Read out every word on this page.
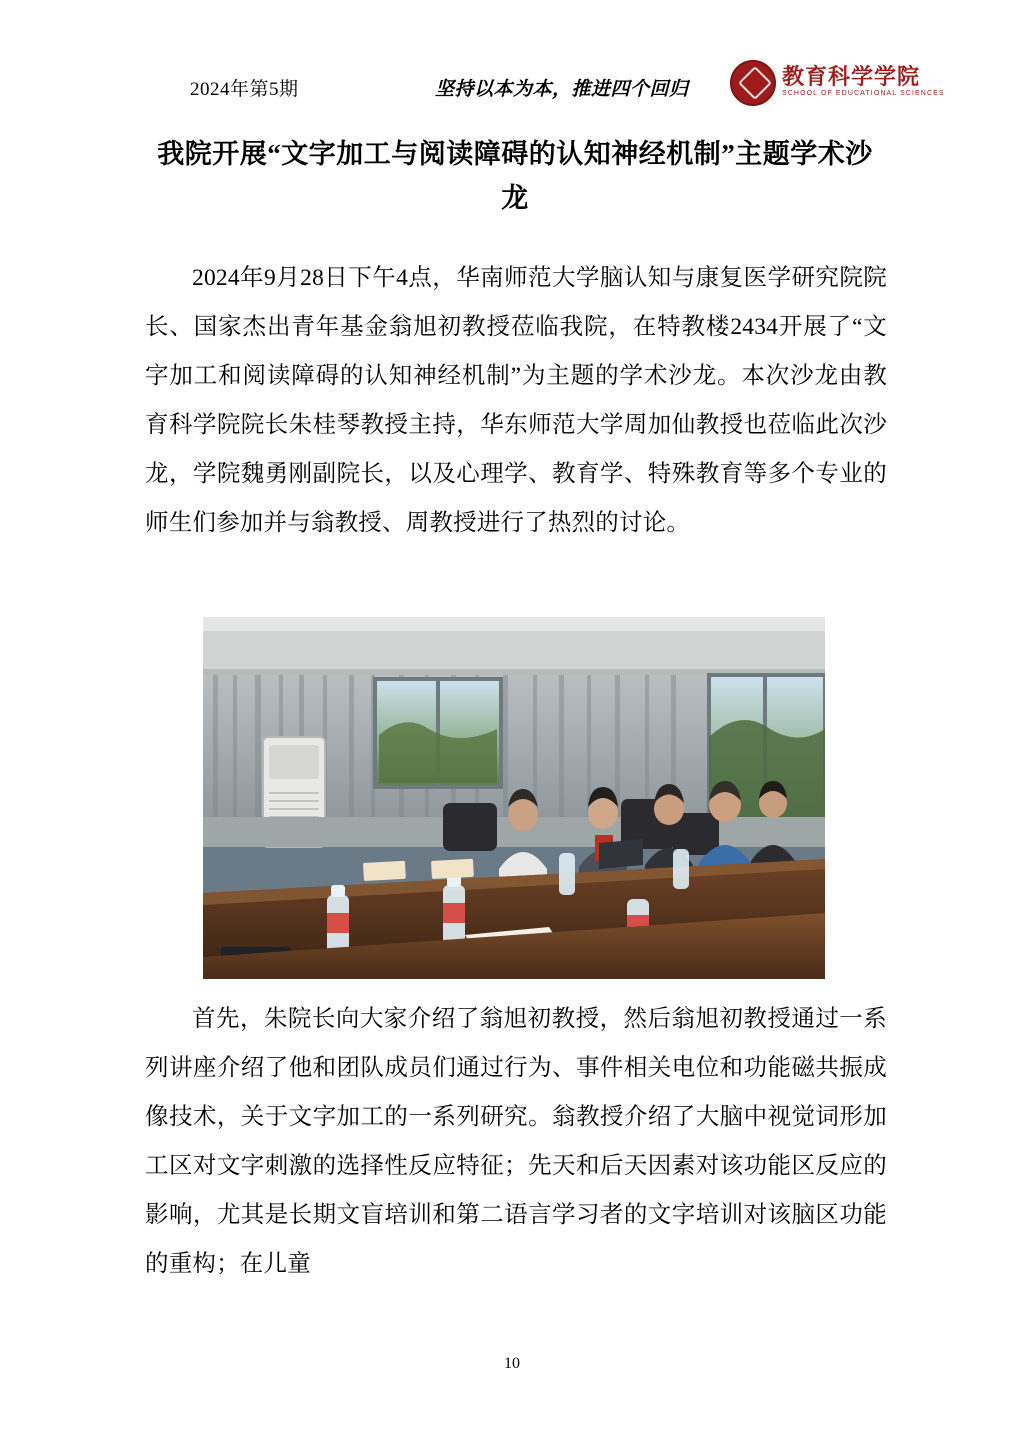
2024年第5期	坚持以本为本，推进四个回归
教育科学学院
SCHOOL OF EDUCATIONAL SCIENCES
我院开展“文字加工与阅读障碍的认知神经机制”主题学术沙龙
2024年9月28日下午4点，华南师范大学脑认知与康复医学研究院院长、国家杰出青年基金翁旭初教授莅临我院，在特教楼2434开展了“文字加工和阅读障碍的认知神经机制”为主题的学术沙龙。本次沙龙由教育科学院院长朱桂琴教授主持，华东师范大学周加仙教授也莅临此次沙龙，学院魏勇刚副院长，以及心理学、教育学、特殊教育等多个专业的师生们参加并与翁教授、周教授进行了热烈的讨论。
首先，朱院长向大家介绍了翁旭初教授，然后翁旭初教授通过一系列讲座介绍了他和团队成员们通过行为、事件相关电位和功能磁共振成像技术，关于文字加工的一系列研究。翁教授介绍了大脑中视觉词形加工区对文字刺激的选择性反应特征；先天和后天因素对该功能区反应的影响，尤其是长期文盲培训和第二语言学习者的文字培训对该脑区功能的重构；在儿童
10
